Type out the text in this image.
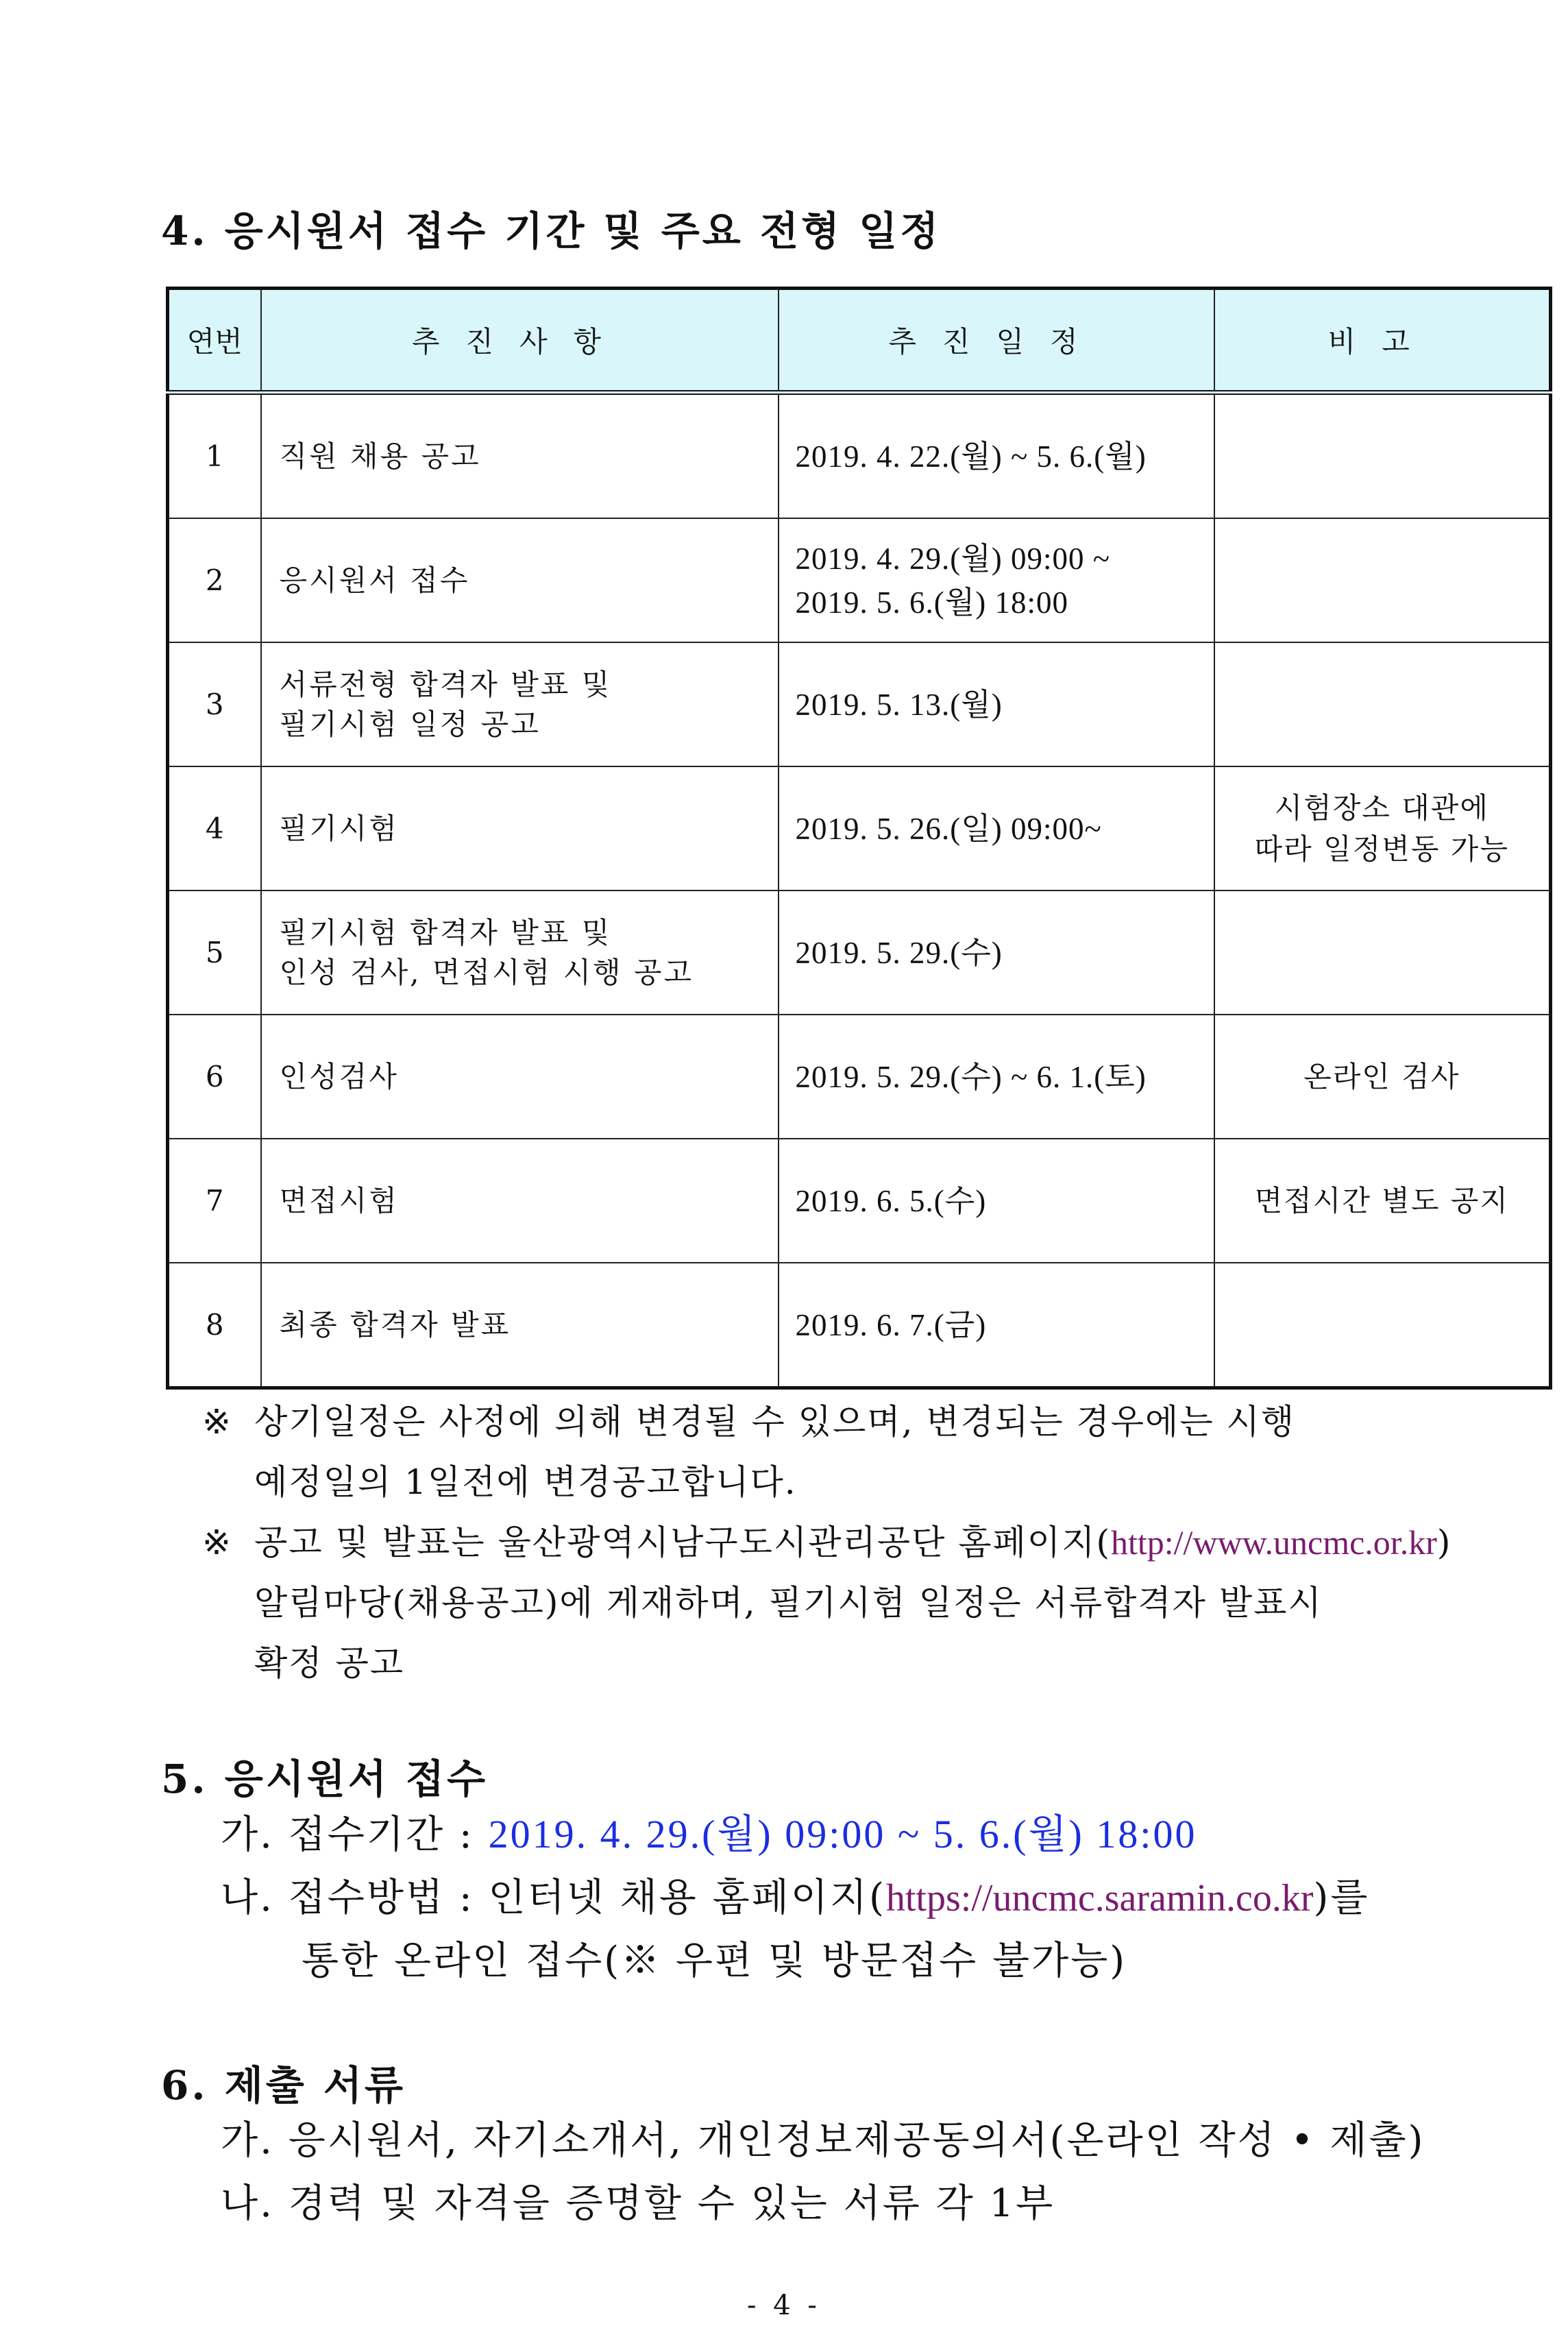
4. 응시원서 접수 기간 및 주요 전형 일정
연번	추진사항	추진일정	비고
1	직원 채용 공고	2019. 4. 22.(월) ~ 5. 6.(월)	

2	응시원서 접수	2019. 4. 29.(월) 09:00 ~
2019. 5. 6.(월) 18:00	

3	서류전형 합격자 발표 및
필기시험 일정 공고	2019. 5. 13.(월)	

4	필기시험	2019. 5. 26.(일) 09:00~	시험장소 대관에
따라 일정변동 가능

5	필기시험 합격자 발표 및
인성 검사, 면접시험 시행 공고	2019. 5. 29.(수)	

6	인성검사	2019. 5. 29.(수) ~ 6. 1.(토)	온라인 검사

7	면접시험	2019. 6. 5.(수)	면접시간 별도 공지

8	최종 합격자 발표	2019. 6. 7.(금)	

※ 상기일정은 사정에 의해 변경될 수 있으며, 변경되는 경우에는 시행
예정일의 1일전에 변경공고합니다.
※ 공고 및 발표는 울산광역시남구도시관리공단 홈페이지(http://www.uncmc.or.kr)
알림마당(채용공고)에 게재하며, 필기시험 일정은 서류합격자 발표시
확정 공고
5. 응시원서 접수
가. 접수기간 : 2019. 4. 29.(월) 09:00 ~ 5. 6.(월) 18:00
나. 접수방법 : 인터넷 채용 홈페이지(https://uncmc.saramin.co.kr)를
통한 온라인 접수(※ 우편 및 방문접수 불가능)
6. 제출 서류
가. 응시원서, 자기소개서, 개인정보제공동의서(온라인 작성 • 제출)
나. 경력 및 자격을 증명할 수 있는 서류 각 1부
- 4 -
